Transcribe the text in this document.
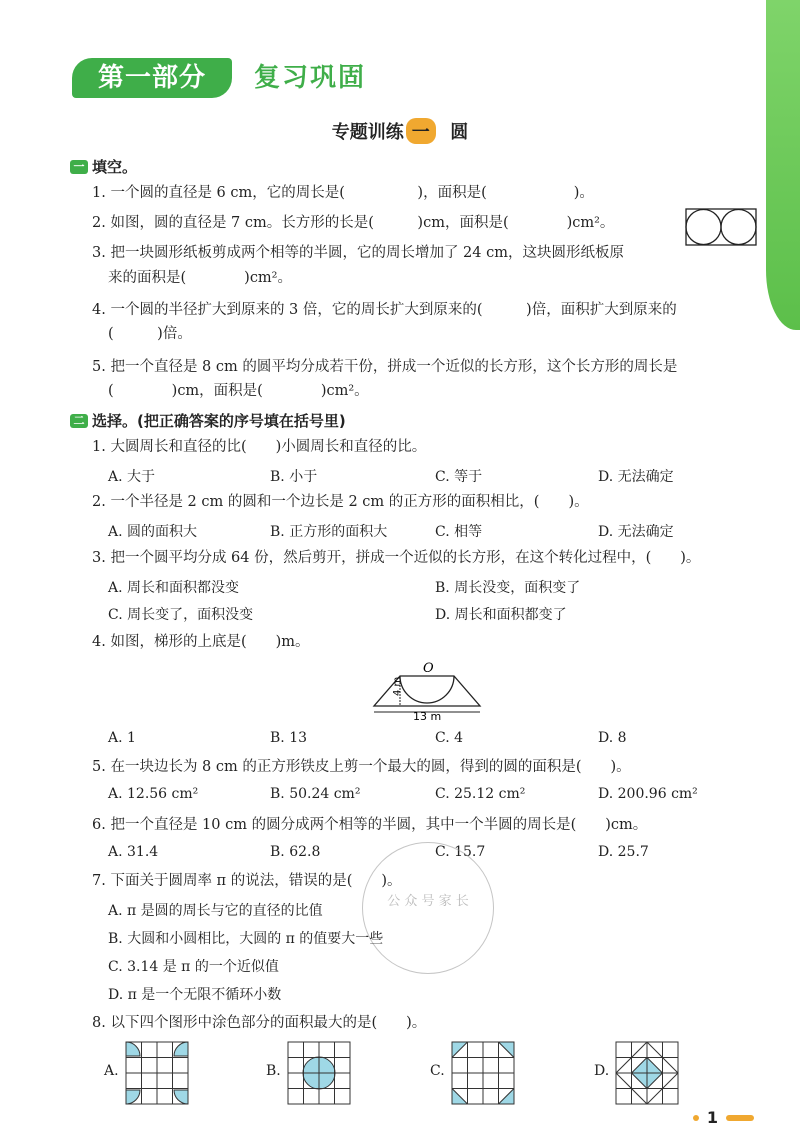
第一部分	复习巩固
专题训练 一 圆
一 填空。
1. 一个圆的直径是 6 cm，它的周长是(　　　　　)，面积是(　　　　　　)。
2. 如图，圆的直径是 7 cm。长方形的长是(　　　)cm，面积是(　　　　)cm²。
3. 把一块圆形纸板剪成两个相等的半圆，它的周长增加了 24 cm，这块圆形纸板原
来的面积是(　　　　)cm²。
4. 一个圆的半径扩大到原来的 3 倍，它的周长扩大到原来的(　　　)倍，面积扩大到原来的
(　　　)倍。
5. 把一个直径是 8 cm 的圆平均分成若干份，拼成一个近似的长方形，这个长方形的周长是
(　　　　)cm，面积是(　　　　)cm²。
二 选择。(把正确答案的序号填在括号里)
1. 大圆周长和直径的比(　　)小圆周长和直径的比。
A. 大于	B. 小于	C. 等于	D. 无法确定
2. 一个半径是 2 cm 的圆和一个边长是 2 cm 的正方形的面积相比，(　　)。
A. 圆的面积大	B. 正方形的面积大	C. 相等	D. 无法确定
3. 把一个圆平均分成 64 份，然后剪开，拼成一个近似的长方形，在这个转化过程中，(　　)。
A. 周长和面积都没变	B. 周长没变，面积变了
C. 周长变了，面积没变	D. 周长和面积都变了
4. 如图，梯形的上底是(　　)m。
O
4 m
13 m
A. 1	B. 13	C. 4	D. 8
5. 在一块边长为 8 cm 的正方形铁皮上剪一个最大的圆，得到的圆的面积是(　　)。
A. 12.56 cm²	B. 50.24 cm²	C. 25.12 cm²	D. 200.96 cm²
6. 把一个直径是 10 cm 的圆分成两个相等的半圆，其中一个半圆的周长是(　　)cm。
A. 31.4	B. 62.8	C. 15.7	D. 25.7
公 众 号 家 长
7. 下面关于圆周率 π 的说法，错误的是(　　)。
A. π 是圆的周长与它的直径的比值
B. 大圆和小圆相比，大圆的 π 的值要大一些
C. 3.14 是 π 的一个近似值
D. π 是一个无限不循环小数
8. 以下四个图形中涂色部分的面积最大的是(　　)。
A.	B.	C.	D.
1
